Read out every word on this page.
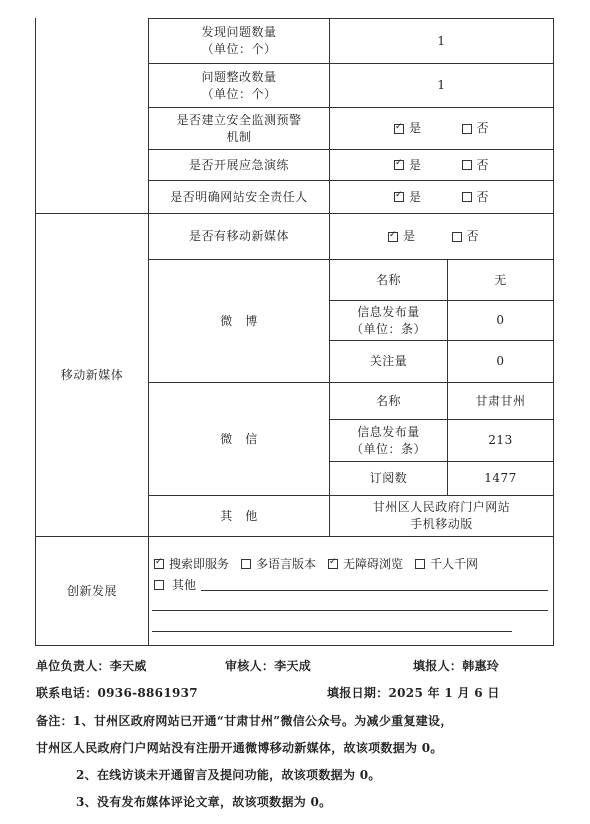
发现问题数量
（单位：个）
1
问题整改数量
（单位：个）
1
是否建立安全监测预警
机制
✓
是	否
是否开展应急演练 ✓	是	否
是否明确网站安全责任人 ✓	是	否
移动新媒体
是否有移动新媒体 ✓	是	否
微　博
名称	无
信息发布量
（单位：条）
0
关注量	0
微　信
名称	甘肃甘州
信息发布量
（单位：条）
213
订阅数	1477
其　他
甘州区人民政府门户网站
手机移动版
创新发展
✓
搜索即服务 多语言版本 ✓ 无障碍浏览 千人千网
其他
单位负责人：李天威	审核人：李天成	填报人：韩惠玲
联系电话：0936-8861937	填报日期：2025 年 1 月 6 日
备注：1、甘州区政府网站已开通“甘肃甘州”微信公众号。为减少重复建设，
甘州区人民政府门户网站没有注册开通微博移动新媒体，故该项数据为 0。
2、在线访谈未开通留言及提问功能，故该项数据为 0。
3、没有发布媒体评论文章，故该项数据为 0。
